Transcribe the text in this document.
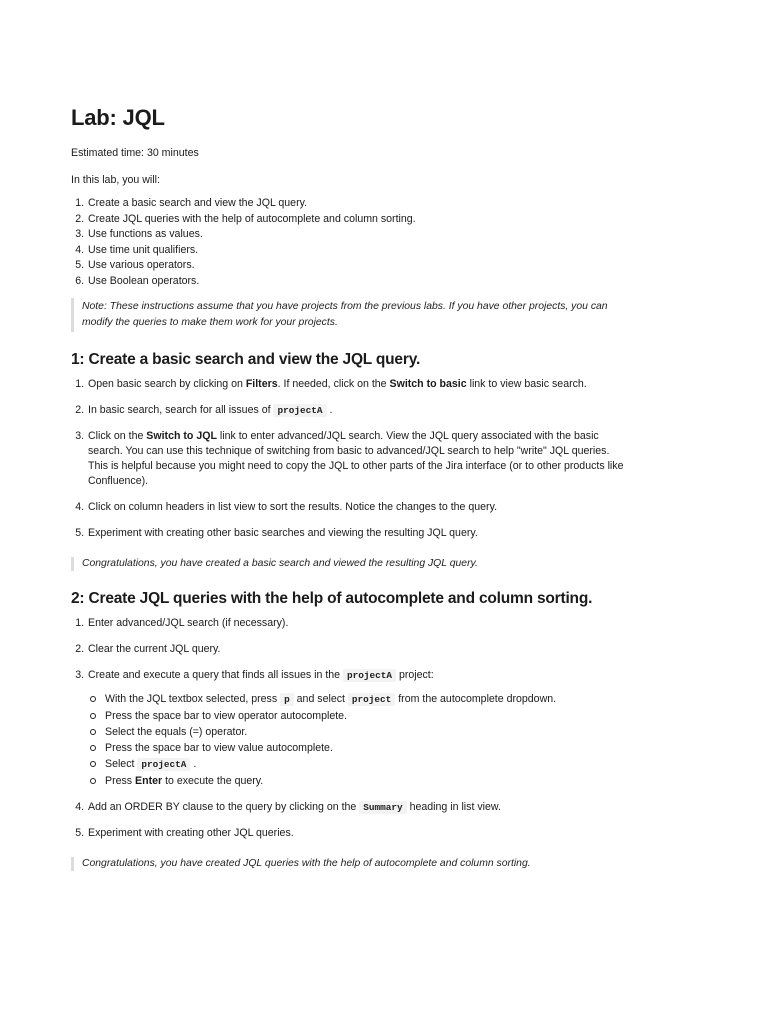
Lab: JQL

Estimated time: 30 minutes

In this lab, you will:

1. Create a basic search and view the JQL query.
2. Create JQL queries with the help of autocomplete and column sorting.
3. Use functions as values.
4. Use time unit qualifiers.
5. Use various operators.
6. Use Boolean operators.
Note: These instructions assume that you have projects from the previous labs. If you have other projects, you can modify the queries to make them work for your projects.
1: Create a basic search and view the JQL query.
1. Open basic search by clicking on Filters. If needed, click on the Switch to basic link to view basic search.
2. In basic search, search for all issues of projectA .
3. Click on the Switch to JQL link to enter advanced/JQL search. View the JQL query associated with the basic search. You can use this technique of switching from basic to advanced/JQL search to help "write" JQL queries. This is helpful because you might need to copy the JQL to other parts of the Jira interface (or to other products like Confluence).
4. Click on column headers in list view to sort the results. Notice the changes to the query.
5. Experiment with creating other basic searches and viewing the resulting JQL query.
Congratulations, you have created a basic search and viewed the resulting JQL query.
2: Create JQL queries with the help of autocomplete and column sorting.
1. Enter advanced/JQL search (if necessary).
2. Clear the current JQL query.
3. Create and execute a query that finds all issues in the projectA project:
With the JQL textbox selected, press p and select project from the autocomplete dropdown.
Press the space bar to view operator autocomplete.
Select the equals (=) operator.
Press the space bar to view value autocomplete.
Select projectA .
Press Enter to execute the query.
4. Add an ORDER BY clause to the query by clicking on the Summary heading in list view.
5. Experiment with creating other JQL queries.
Congratulations, you have created JQL queries with the help of autocomplete and column sorting.
